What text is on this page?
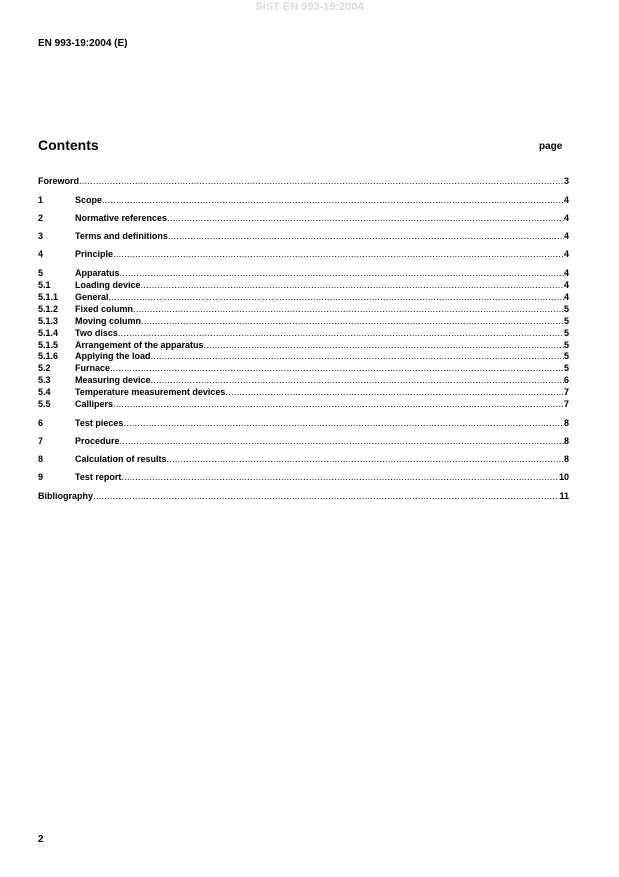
SIST EN 993-19:2004
EN 993-19:2004 (E)
Contents	page
Foreword .....	3
1	Scope .....	4
2	Normative references .....	4
3	Terms and definitions .....	4
4	Principle .....	4
5	Apparatus .....	4
5.1	Loading device .....	4
5.1.1	General .....	4
5.1.2	Fixed column .....	5
5.1.3	Moving column .....	5
5.1.4	Two discs .....	5
5.1.5	Arrangement of the apparatus .....	5
5.1.6	Applying the load .....	5
5.2	Furnace .....	5
5.3	Measuring device .....	6
5.4	Temperature measurement devices .....	7
5.5	Callipers .....	7
6	Test pieces .....	8
7	Procedure .....	8
8	Calculation of results .....	8
9	Test report .....	10
Bibliography .....	11
2
